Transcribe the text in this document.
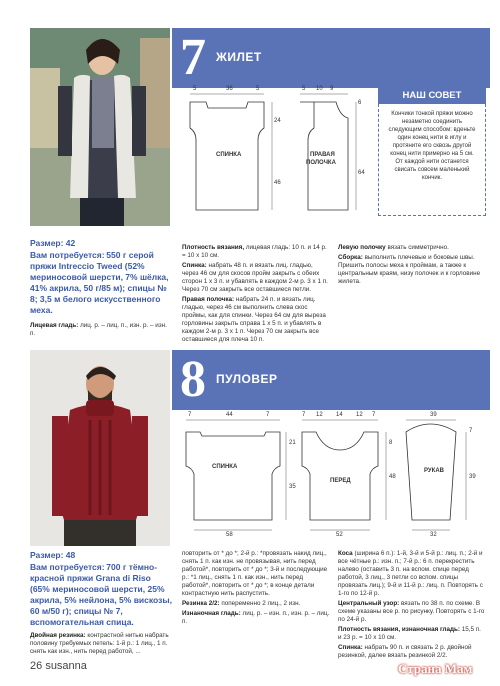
7 ЖИЛЕТ
5	36	5
24
46
СПИНКА
5 10 9
6
64
ПРАВАЯ
ПОЛОЧКА
НАШ СОВЕТ
Кончики тонкой пряжи можно незаметно соединить следующим способом: вденьте один конец нити в иглу и протяните его сквозь другой конец нити примерно на 5 см. От каждой нити останется свисать совсем маленький кончик.

Размер: 42

Вам потребуется: 550 г серой пряжи Intreccio Tweed (52% мериносовой шерсти, 7% шёлка, 41% акрила, 50 г/85 м); спицы № 8; 3,5 м белого искусственного меха.

Лицевая гладь: лиц. р. – лиц. п., изн. р. – изн. п.

Плотность вязания, лицевая гладь: 10 п. и 14 р. = 10 х 10 см.

Спинка: набрать 48 п. и вязать лиц. гладью, через 46 см для скосов пройм закрыть с обеих сторон 1 х 3 п. и убавлять в каждом 2-м р. 3 х 1 п. Через 70 см закрыть все оставшиеся петли.

Правая полочка: набрать 24 п. и вязать лиц. гладью, через 46 см выполнить слева скос проймы, как для спинки. Через 64 см для выреза горловины закрыть справа 1 х 5 п. и убавлять в каждом 2-м р. 3 х 1 п. Через 70 см закрыть все оставшиеся для плеча 10 п.

Левую полочку вязать симметрично.

Сборка: выполнить плечевые и боковые швы. Пришить полосы меха к проймам, а также к центральным краям, низу полочек и к горловине жилета.

8 ПУЛОВЕР
7	44	7
21
35
58
СПИНКА
7 12 14 12 7
8
48
52
ПЕРЕД
39
7
39
32
РУКАВ

Размер: 48

Вам потребуется: 700 г тёмно-красной пряжи Grana di Riso (65% мериносовой шерсти, 25% акрила, 5% нейлона, 5% вискозы, 60 м/50 г); спицы № 7, вспомогательная спица.

Двойная резинка: контрастной нитью набрать половину требуемых петель: 1-й р.: 1 лиц., 1 п. снять как изн., нить перед работой, ...

повторить от * до *; 2-й р.: *провязать накид лиц., снять 1 п. как изн. не провязывая, нить перед работой*, повторить от * до *; 3-й и последующие р.: *1 лиц., снять 1 п. как изн., нить перед работой*, повторить от * до *; в конце детали контрастную нить распустить.

Резинка 2/2: попеременно 2 лиц., 2 изн.

Изнаночная гладь: лиц. р. – изн. п., изн. р. – лиц. п.

Коса (ширина 6 п.): 1-й, 3-й и 5-й р.: лиц. п.; 2-й и все чётные р.: изн. п.; 7-й р.: 6 п. перекрестить налево (оставить 3 п. на вспом. спице перед работой, 3 лиц., 3 петли со вспом. спицы провязать лиц.); 9-й и 11-й р.: лиц. п. Повторять с 1-го по 12-й р.

Центральный узор: вязать по 38 п. по схеме. В схеме указаны все р. по рисунку. Повторять с 1-го по 24-й р.

Плотность вязания, изнаночная гладь: 15,5 п. и 23 р. = 10 х 10 см.

Спинка: набрать 90 п. и связать 2 р. двойной резинкой, далее вязать резинкой 2/2.

26 susanna	Страна Мам
